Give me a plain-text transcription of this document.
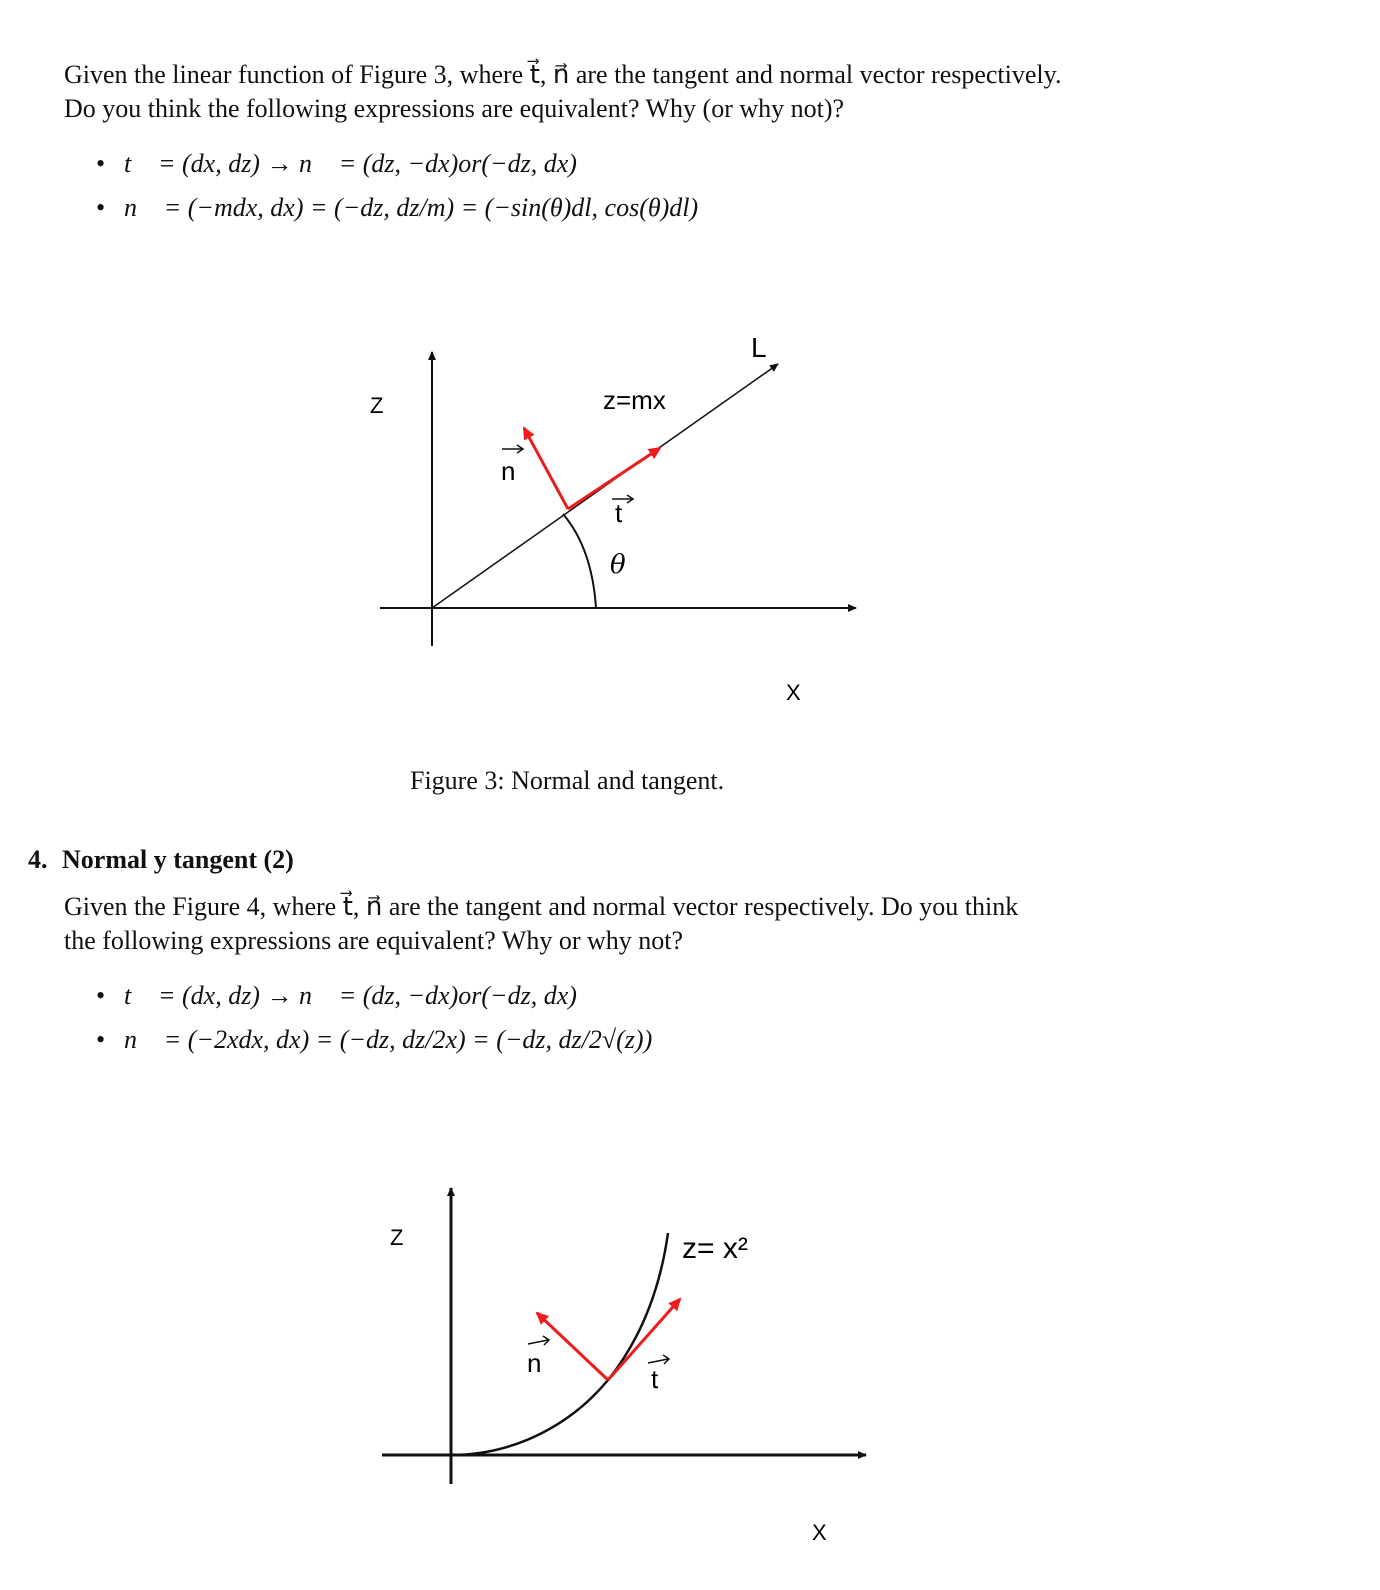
Given the linear function of Figure 3, where t⃗, n⃗ are the tangent and normal vector respectively.

Do you think the following expressions are equivalent? Why (or why not)?

• t⃗ = (dx, dz) → n⃗ = (dz, −dx)or(−dz, dx)
• n⃗ = (−mdx, dx) = (−dz, dz/m) = (−sin(θ)dl, cos(θ)dl)
Z
X
z=mx
L
n
t
θ
Figure 3: Normal and tangent.
4. Normal y tangent (2)

Given the Figure 4, where t⃗, n⃗ are the tangent and normal vector respectively. Do you think

the following expressions are equivalent? Why or why not?

• t⃗ = (dx, dz) → n⃗ = (dz, −dx)or(−dz, dx)
• n⃗ = (−2xdx, dx) = (−dz, dz/2x) = (−dz, dz/2√(z))
Z
X
z= x²
n
t
